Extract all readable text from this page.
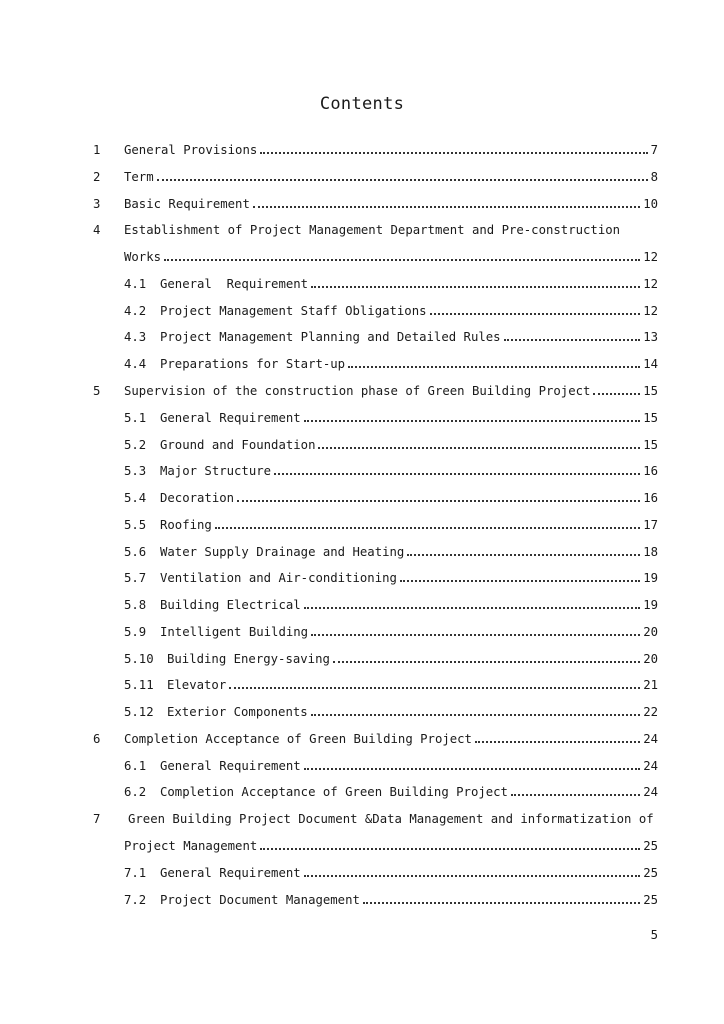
Contents
1	General Provisions	7
2	Term	8
3	Basic Requirement	10
4	Establishment of Project Management Department and Pre-construction
Works	12
4.1	General  Requirement	12
4.2	Project Management Staff Obligations	12
4.3	Project Management Planning and Detailed Rules	13
4.4	Preparations for Start-up	14
5	Supervision of the construction phase of Green Building Project	15
5.1	General Requirement	15
5.2	Ground and Foundation	15
5.3	Major Structure	16
5.4	Decoration	16
5.5	Roofing	17
5.6	Water Supply Drainage and Heating	18
5.7	Ventilation and Air-conditioning	19
5.8	Building Electrical	19
5.9	Intelligent Building	20
5.10	Building Energy-saving	20
5.11	Elevator	21
5.12	Exterior Components	22
6	Completion Acceptance of Green Building Project	24
6.1	General Requirement	24
6.2	Completion Acceptance of Green Building Project	24
7	Green Building Project Document &Data Management and informatization of
Project Management	25
7.1	General Requirement	25
7.2	Project Document Management	25
5
